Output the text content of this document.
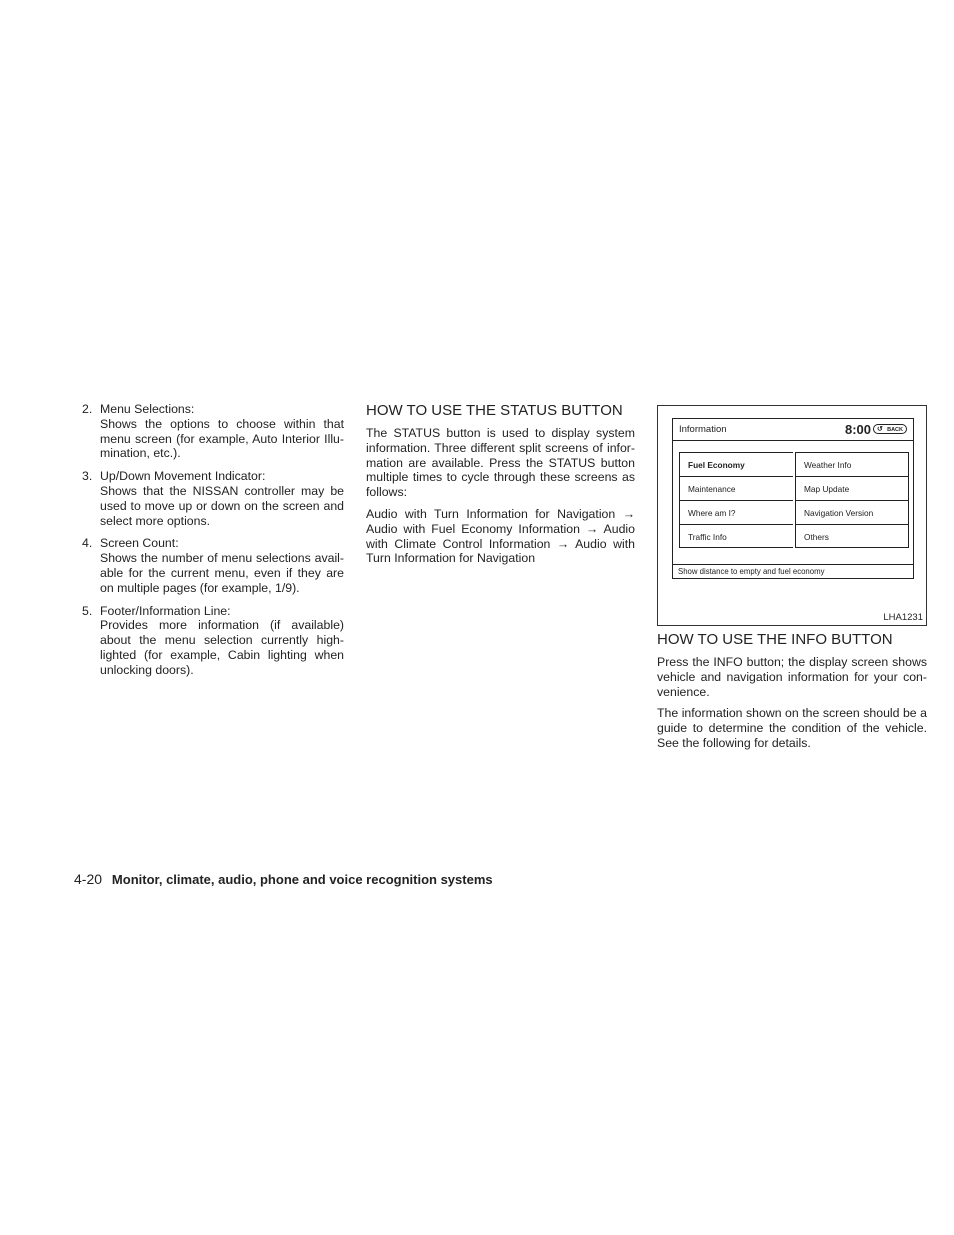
2. Menu Selections:
Shows the options to choose within that menu screen (for example, Auto Interior Illu-mination, etc.).
3. Up/Down Movement Indicator:
Shows that the NISSAN controller may be used to move up or down on the screen and select more options.
4. Screen Count:
Shows the number of menu selections avail-able for the current menu, even if they are on multiple pages (for example, 1/9).
5. Footer/Information Line:
Provides more information (if available) about the menu selection currently high-lighted (for example, Cabin lighting when unlocking doors).
HOW TO USE THE STATUS BUTTON

The STATUS button is used to display system information. Three different split screens of infor-mation are available. Press the STATUS button multiple times to cycle through these screens as follows:

Audio with Turn Information for Navigation → Audio with Fuel Economy Information → Audio with Climate Control Information → Audio with Turn Information for Navigation

Information	8:00 ↺ BACK
Fuel Economy	Weather Info
Maintenance	Map Update
Where am I?	Navigation Version
Traffic Info	Others
Show distance to empty and fuel economy
LHA1231
HOW TO USE THE INFO BUTTON

Press the INFO button; the display screen shows vehicle and navigation information for your con-venience.

The information shown on the screen should be a guide to determine the condition of the vehicle. See the following for details.

4-20 Monitor, climate, audio, phone and voice recognition systems
